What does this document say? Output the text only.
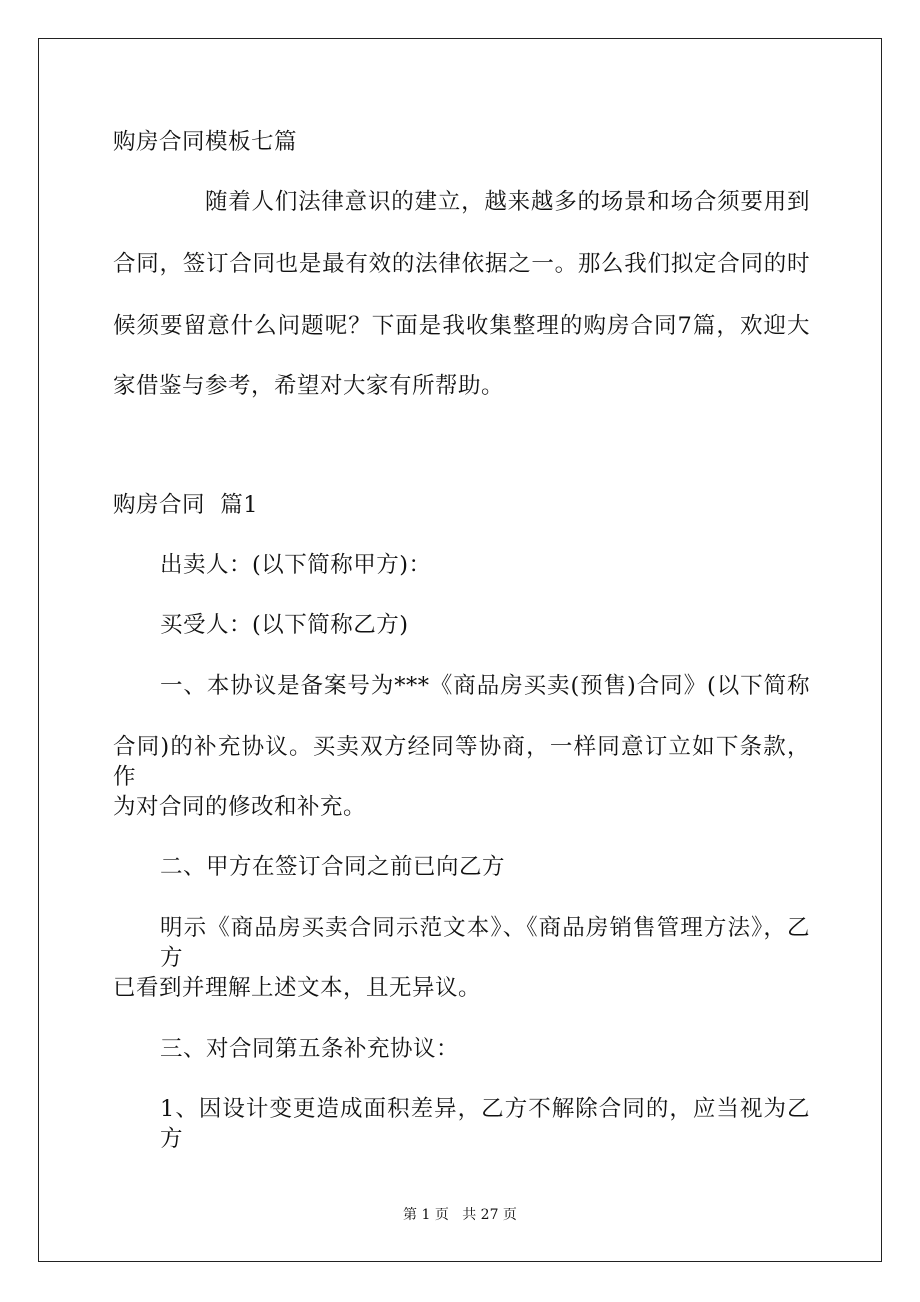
购房合同模板七篇
随着人们法律意识的建立，越来越多的场景和场合须要用到
合同，签订合同也是最有效的法律依据之一。那么我们拟定合同的时
候须要留意什么问题呢？下面是我收集整理的购房合同7篇，欢迎大
家借鉴与参考，希望对大家有所帮助。
购房合同  篇1
出卖人：(以下简称甲方)：
买受人：(以下简称乙方)
一、本协议是备案号为***《商品房买卖(预售)合同》(以下简称
合同)的补充协议。买卖双方经同等协商，一样同意订立如下条款，作
为对合同的修改和补充。
二、甲方在签订合同之前已向乙方
明示《商品房买卖合同示范文本》、《商品房销售管理方法》，乙方
已看到并理解上述文本，且无异议。
三、对合同第五条补充协议：
1、因设计变更造成面积差异，乙方不解除合同的，应当视为乙方
第 1 页 共 27 页
